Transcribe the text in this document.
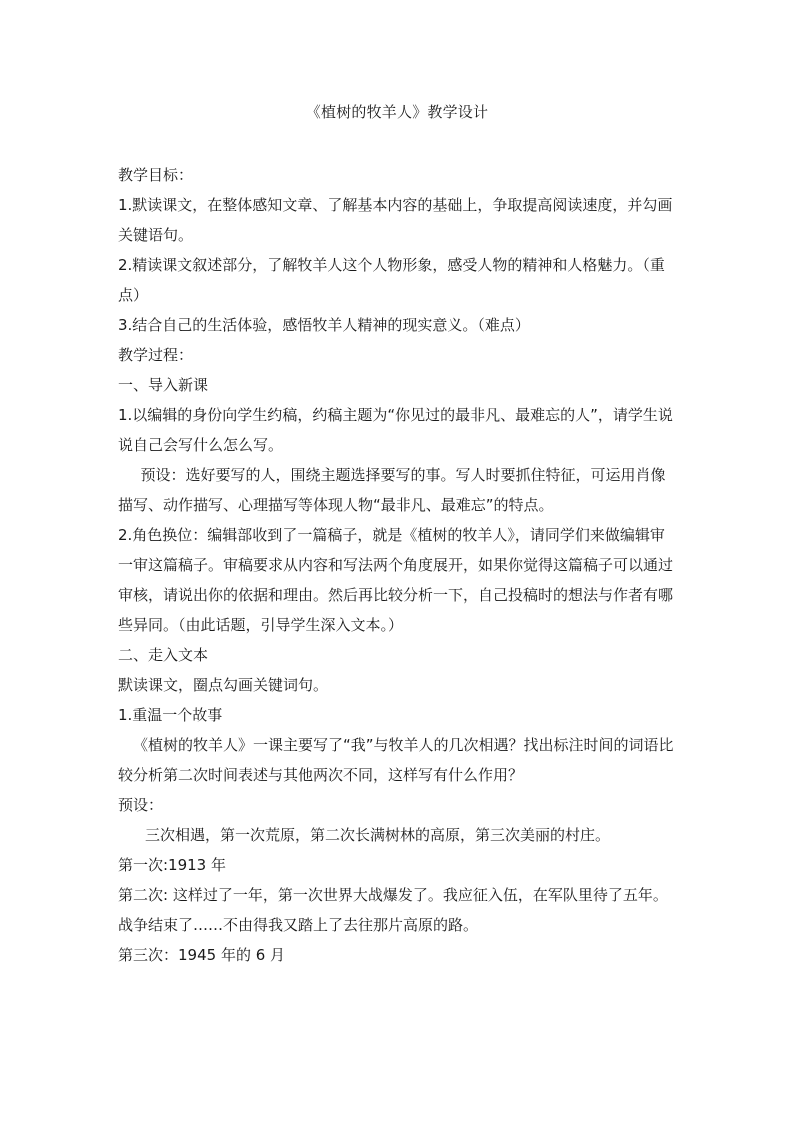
《植树的牧羊人》教学设计

教学目标：

1.默读课文，在整体感知文章、了解基本内容的基础上，争取提高阅读速度，并勾画关键语句。

2.精读课文叙述部分，了解牧羊人这个人物形象，感受人物的精神和人格魅力。（重点）

3.结合自己的生活体验，感悟牧羊人精神的现实意义。（难点）

教学过程：

一、导入新课

1.以编辑的身份向学生约稿，约稿主题为“你见过的最非凡、最难忘的人”，请学生说说自己会写什么怎么写。

预设：选好要写的人，围绕主题选择要写的事。写人时要抓住特征，可运用肖像描写、动作描写、心理描写等体现人物“最非凡、最难忘”的特点。

2.角色换位：编辑部收到了一篇稿子，就是《植树的牧羊人》，请同学们来做编辑审一审这篇稿子。审稿要求从内容和写法两个角度展开，如果你觉得这篇稿子可以通过审核，请说出你的依据和理由。然后再比较分析一下，自己投稿时的想法与作者有哪些异同。（由此话题，引导学生深入文本。）

二、走入文本

默读课文，圈点勾画关键词句。

1.重温一个故事

《植树的牧羊人》一课主要写了“我”与牧羊人的几次相遇？找出标注时间的词语比较分析第二次时间表述与其他两次不同，这样写有什么作用？

预设：

三次相遇，第一次荒原，第二次长满树林的高原，第三次美丽的村庄。

第一次:1913 年

第二次: 这样过了一年，第一次世界大战爆发了。我应征入伍，在军队里待了五年。战争结束了……不由得我又踏上了去往那片高原的路。

第三次：1945 年的 6 月
